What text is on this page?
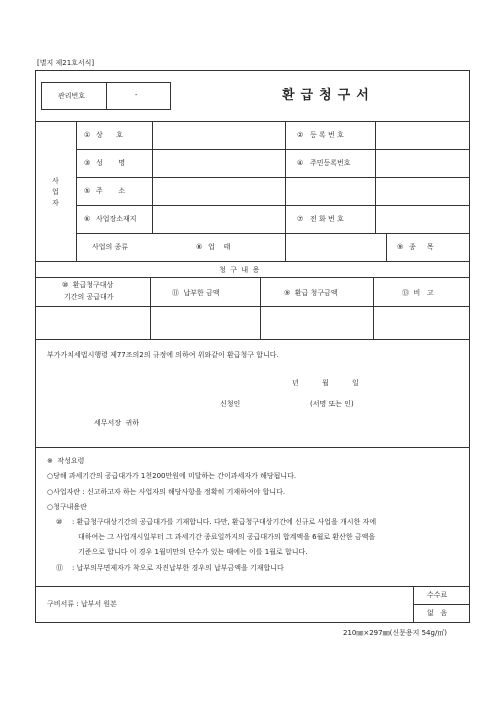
[별지 제21호서식]
관리번호	-	환급청구서
사
업
자
① 상      호	② 등 록 번 호
③ 성       명	④ 주민등록번호
⑤ 주       소
⑥ 사업장소재지	⑦ 전 화 번 호
사업의 종류	⑧ 업    태	⑨ 종     목
청  구  내  용
⑩  환급청구대상
기간의 공급대가	⑪  납부한 금액	⑨  환급 청구금액	⑬  비   고
부가가치세법시행령 제77조의2의 규정에 의하여 위와같이 환급청구 합니다.
년	월	일
신청인	(서명 또는 인)
세무서장  귀하
※  작성요령
○당해 과세기간의 공급대가가 1천200만원에 미달하는 간이과세자가 해당됩니다.
○사업자란 : 신고하고자 하는 사업자의 해당사항을 정확히 기재하여야 합니다.
○청구내용란
⑩ : 환급청구대상기간의 공급대가를 기재합니다. 다만, 환급청구대상기간에 신규로 사업을 개시한 자에
대하여는 그 사업개시일부터 그 과세기간 종료일까지의 공급대가의 합계액을 6월로 환산한 금액을
기준으로 합니다 이 경우 1월미만의 단수가 있는 때에는 이를 1월로 합니다.
⑪ : 납부의무면제자가 착오로 자진납부한 경우의 납부금액을 기재합니다
구비서류 : 납부서 원본
수수료
없   음
210㎜×297㎜(신문용지 54g/㎡)
